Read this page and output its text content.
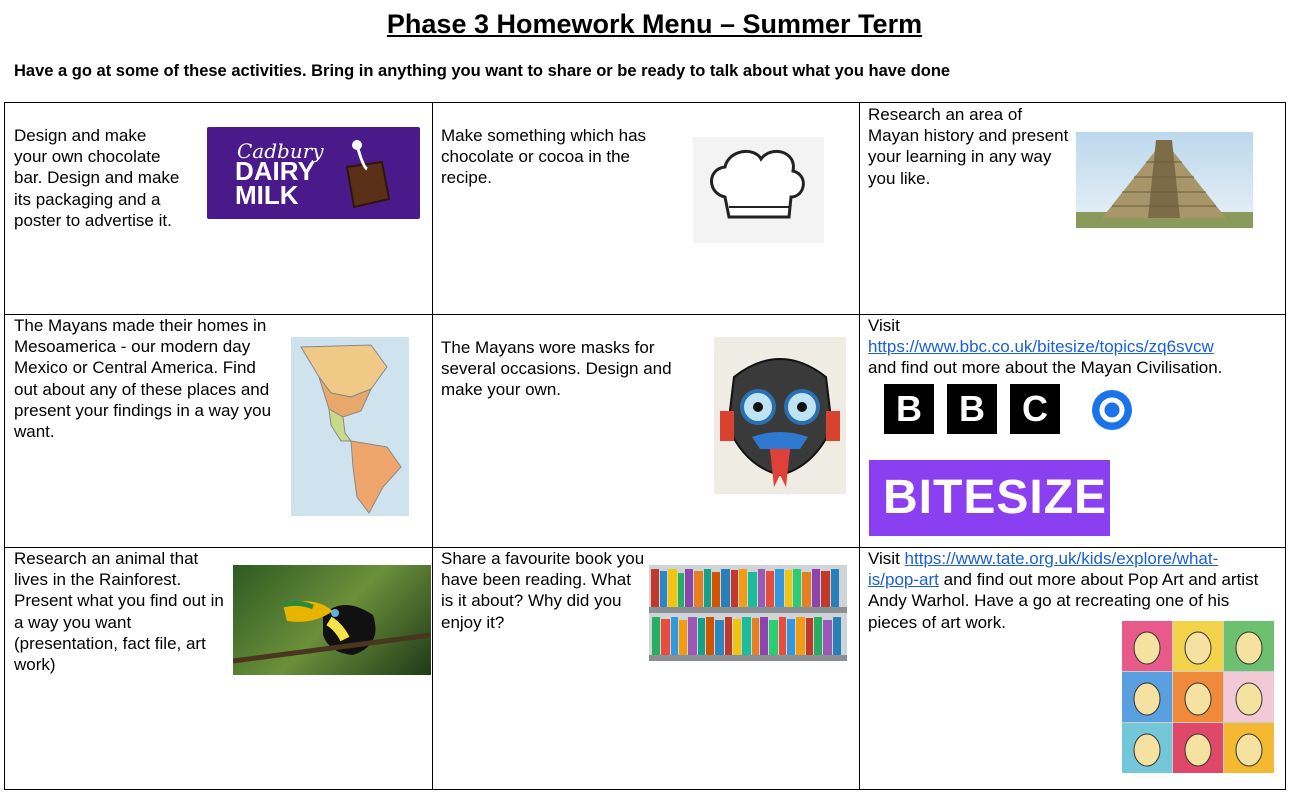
Phase 3 Homework Menu – Summer Term
Have a go at some of these activities. Bring in anything you want to share or be ready to talk about what you have done
Design and make your own chocolate bar. Design and make its packaging and a poster to advertise it.
Cadbury
DAIRY
MILK
Make something which has chocolate or cocoa in the recipe.
Research an area of Mayan history and present your learning in any way you like.
The Mayans made their homes in Mesoamerica - our modern day Mexico or Central America. Find out about any of these places and present your findings in a way you want.
The Mayans wore masks for several occasions. Design and make your own.
Visit
https://www.bbc.co.uk/bitesize/topics/zq6svcw
and find out more about the Mayan Civilisation.
B	B	C
BITESIZE
Research an animal that lives in the Rainforest. Present what you find out in a way you want (presentation, fact file, art work)
Share a favourite book you have been reading. What is it about? Why did you enjoy it?
Visit https://www.tate.org.uk/kids/explore/what-is/pop-art and find out more about Pop Art and artist Andy Warhol. Have a go at recreating one of his pieces of art work.
